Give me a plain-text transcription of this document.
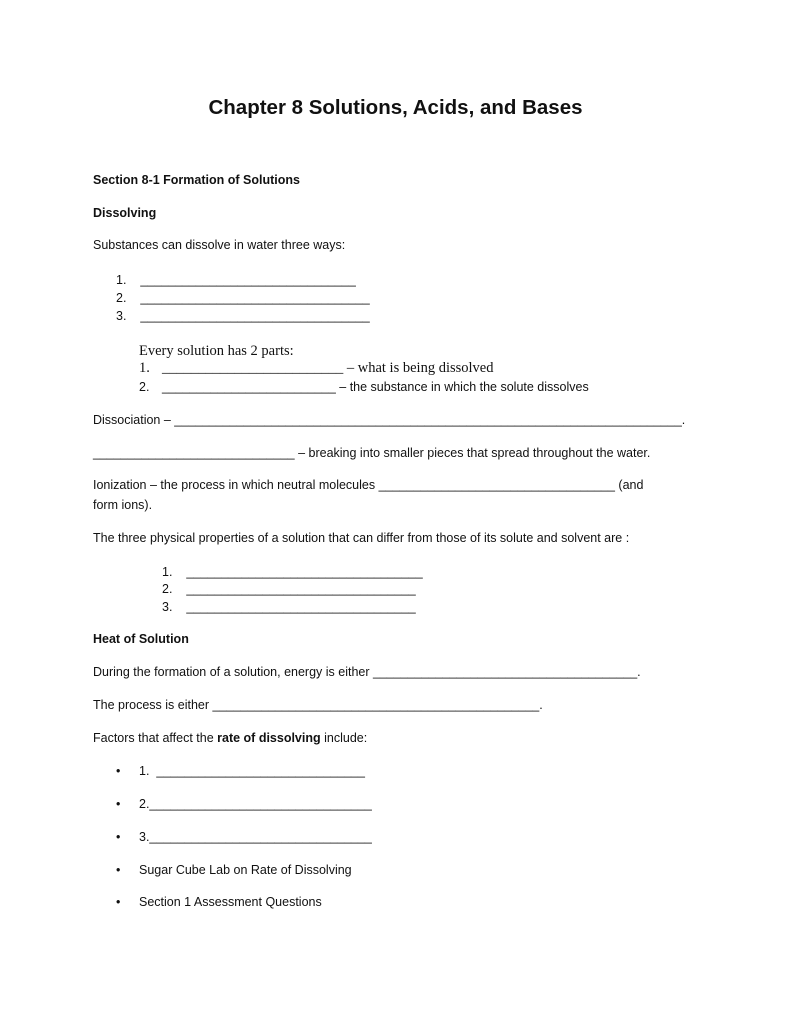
Chapter 8 Solutions, Acids, and Bases
Section 8-1 Formation of Solutions
Dissolving
Substances can dissolve in water three ways:
1.    _______________________________
2.    _________________________________
3.    _________________________________
Every solution has 2 parts:
1. _________________________ – what is being dissolved
2. _________________________ – the substance in which the solute dissolves
Dissociation – _________________________________________________________________________.
_____________________________ – breaking into smaller pieces that spread throughout the water.
Ionization – the process in which neutral molecules __________________________________ (and
form ions).
The three physical properties of a solution that can differ from those of its solute and solvent are :
1.    __________________________________
2.    _________________________________
3.    _________________________________
Heat of Solution
During the formation of a solution, energy is either ______________________________________.
The process is either _______________________________________________.
Factors that affect the rate of dissolving include:
• 1.  ______________________________
• 2.________________________________
• 3.________________________________
• Sugar Cube Lab on Rate of Dissolving
• Section 1 Assessment Questions
